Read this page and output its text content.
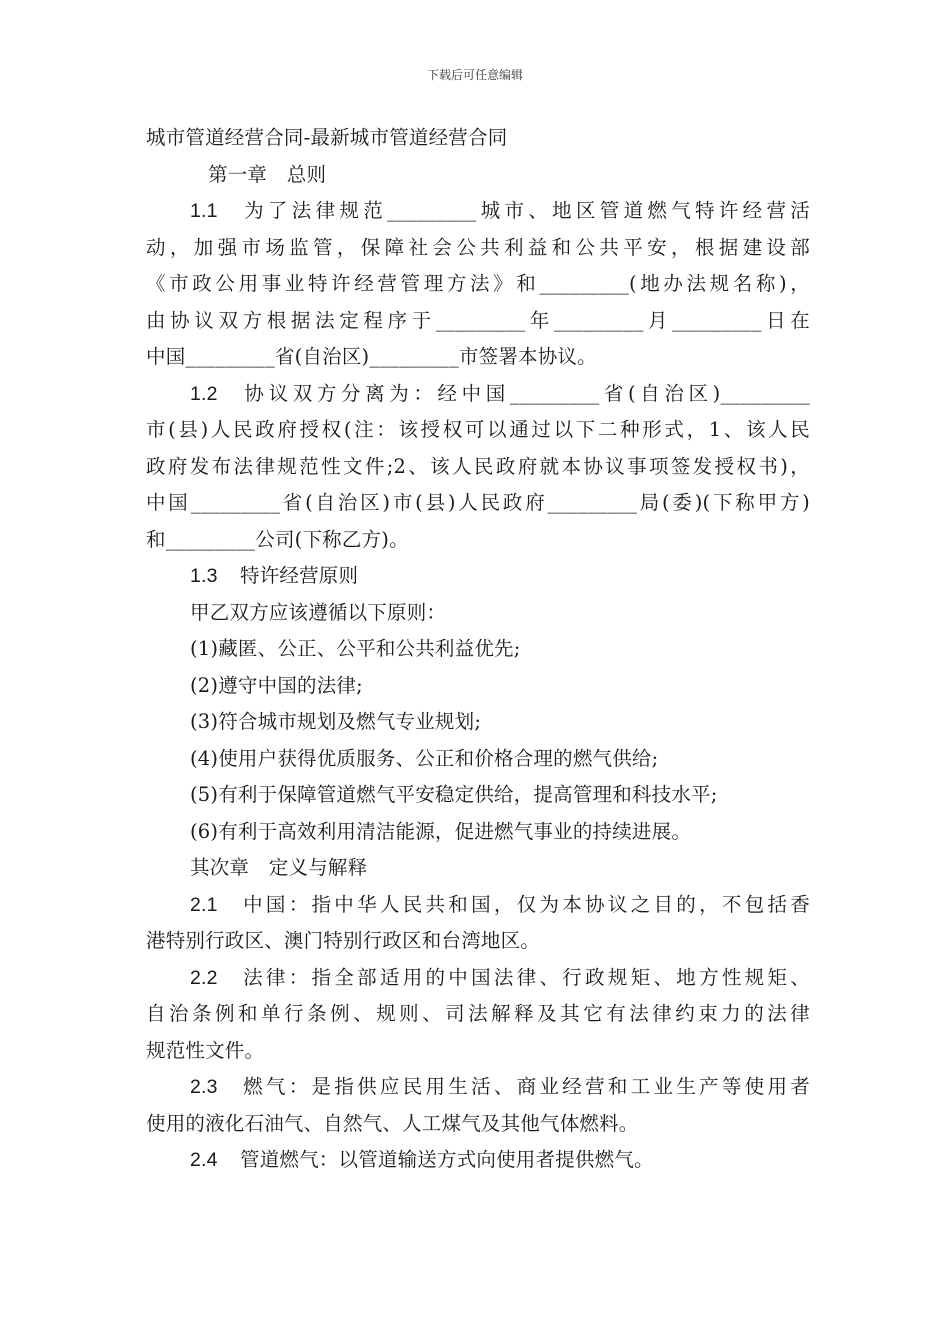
下载后可任意编辑
城市管道经营合同-最新城市管道经营合同
第一章　总则
1.1 为了法律规范_________城市、地区管道燃气特许经营活
动，加强市场监管，保障社会公共利益和公共平安，根据建设部
《市政公用事业特许经营管理方法》和_________(地办法规名称)，
由协议双方根据法定程序于_________年_________月_________日在
中国_________省(自治区)_________市签署本协议。
1.2 协议双方分离为：经中国_________省(自治区)_________
市(县)人民政府授权(注：该授权可以通过以下二种形式，1、该人民
政府发布法律规范性文件;2、该人民政府就本协议事项签发授权书)，
中国_________省(自治区)市(县)人民政府_________局(委)(下称甲方)
和_________公司(下称乙方)。
1.3 特许经营原则
甲乙双方应该遵循以下原则：
(1)藏匿、公正、公平和公共利益优先;
(2)遵守中国的法律;
(3)符合城市规划及燃气专业规划;
(4)使用户获得优质服务、公正和价格合理的燃气供给;
(5)有利于保障管道燃气平安稳定供给，提高管理和科技水平;
(6)有利于高效利用清洁能源，促进燃气事业的持续进展。
其次章　定义与解释
2.1 中国：指中华人民共和国，仅为本协议之目的，不包括香
港特别行政区、澳门特别行政区和台湾地区。
2.2 法律：指全部适用的中国法律、行政规矩、地方性规矩、
自治条例和单行条例、规则、司法解释及其它有法律约束力的法律
规范性文件。
2.3 燃气：是指供应民用生活、商业经营和工业生产等使用者
使用的液化石油气、自然气、人工煤气及其他气体燃料。
2.4 管道燃气：以管道输送方式向使用者提供燃气。
